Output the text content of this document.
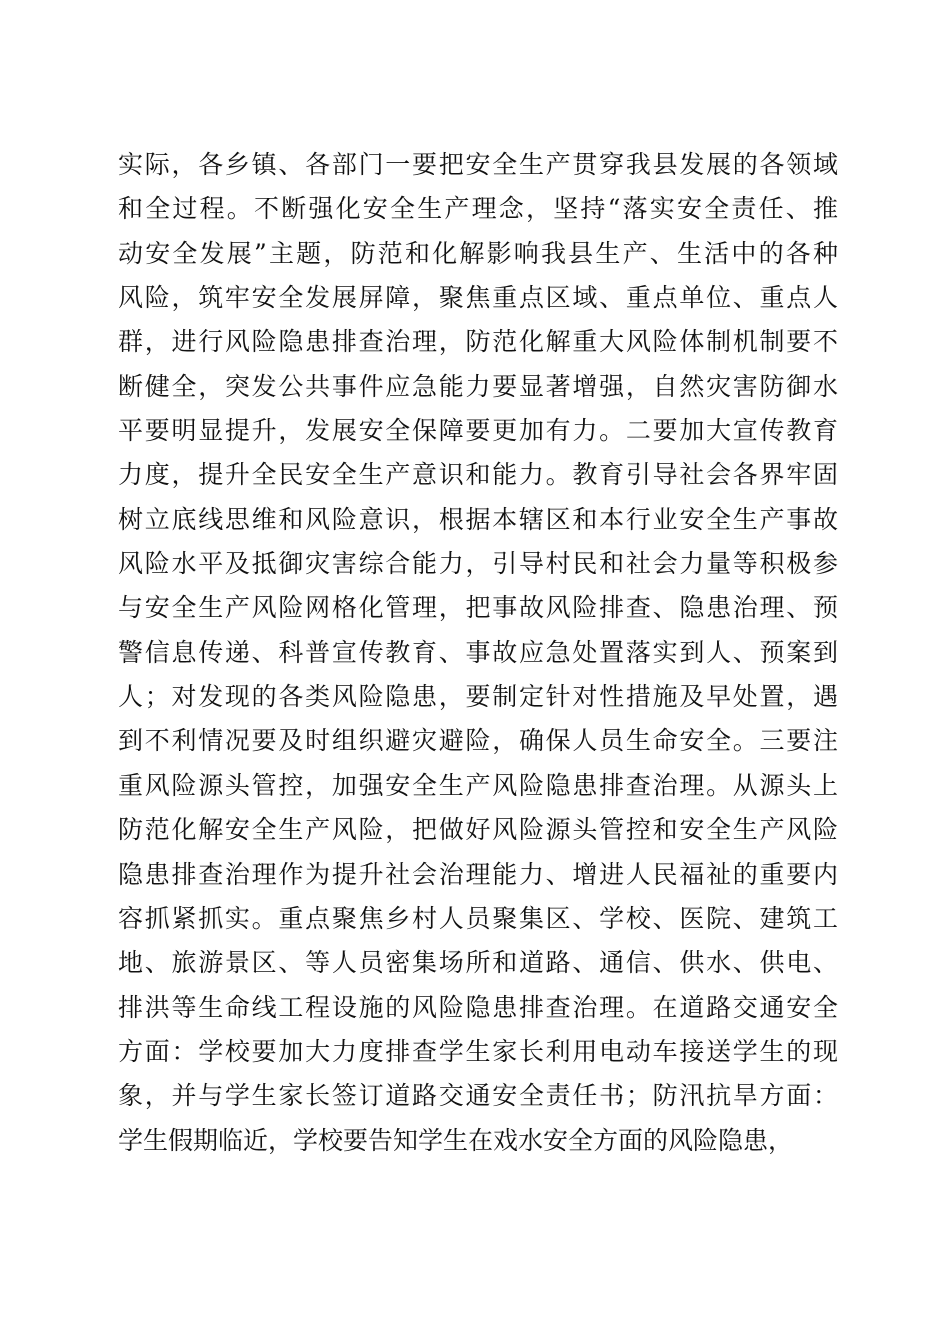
实际，各乡镇、各部门一要把安全生产贯穿我县发展的各领域
和全过程。不断强化安全生产理念，坚持“落实安全责任、推
动安全发展”主题，防范和化解影响我县生产、生活中的各种
风险，筑牢安全发展屏障，聚焦重点区域、重点单位、重点人
群，进行风险隐患排查治理，防范化解重大风险体制机制要不
断健全，突发公共事件应急能力要显著增强，自然灾害防御水
平要明显提升，发展安全保障要更加有力。二要加大宣传教育
力度，提升全民安全生产意识和能力。教育引导社会各界牢固
树立底线思维和风险意识，根据本辖区和本行业安全生产事故
风险水平及抵御灾害综合能力，引导村民和社会力量等积极参
与安全生产风险网格化管理，把事故风险排查、隐患治理、预
警信息传递、科普宣传教育、事故应急处置落实到人、预案到
人；对发现的各类风险隐患，要制定针对性措施及早处置，遇
到不利情况要及时组织避灾避险，确保人员生命安全。三要注
重风险源头管控，加强安全生产风险隐患排查治理。从源头上
防范化解安全生产风险，把做好风险源头管控和安全生产风险
隐患排查治理作为提升社会治理能力、增进人民福祉的重要内
容抓紧抓实。重点聚焦乡村人员聚集区、学校、医院、建筑工
地、旅游景区、等人员密集场所和道路、通信、供水、供电、
排洪等生命线工程设施的风险隐患排查治理。在道路交通安全
方面：学校要加大力度排查学生家长利用电动车接送学生的现
象，并与学生家长签订道路交通安全责任书；防汛抗旱方面：
学生假期临近，学校要告知学生在戏水安全方面的风险隐患，
